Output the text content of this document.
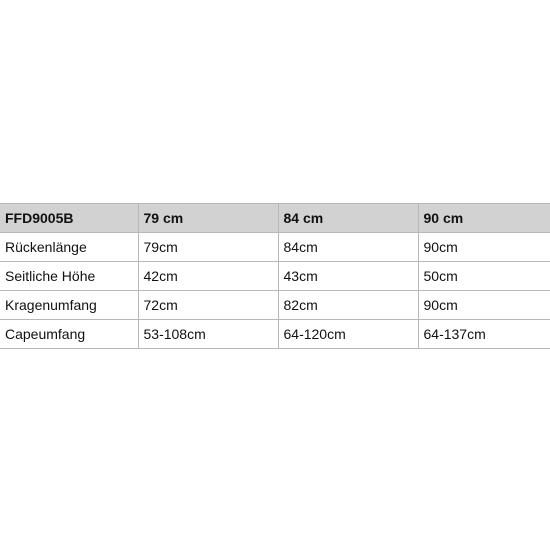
FFD9005B	79 cm	84 cm	90 cm
Rückenlänge	79cm	84cm	90cm
Seitliche Höhe	42cm	43cm	50cm
Kragenumfang	72cm	82cm	90cm
Capeumfang	53-108cm	64-120cm	64-137cm
